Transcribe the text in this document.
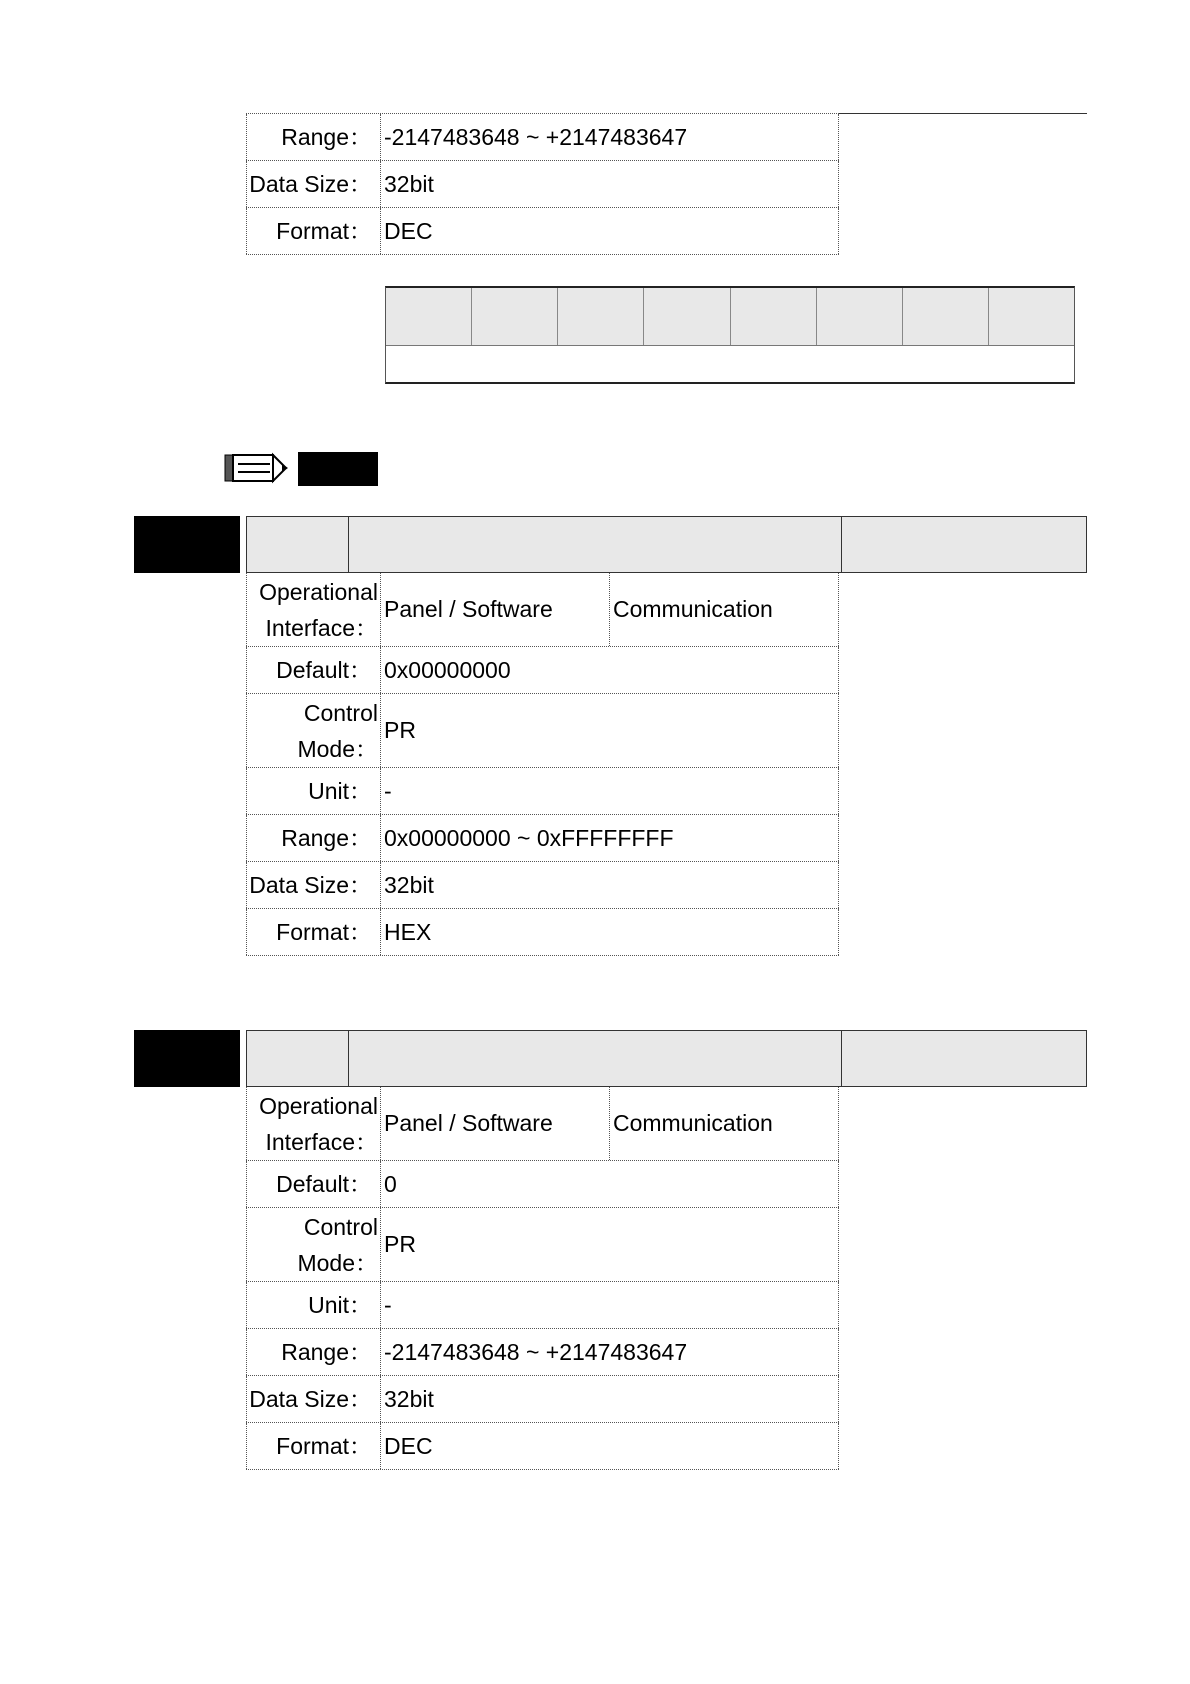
Range： -2147483648 ~ +2147483647
Data Size： 32bit
Format： DEC
Operational
Interface：
Panel / Software	Communication
Default： 0x00000000
Control
Mode：
PR
Unit： -
Range： 0x00000000 ~ 0xFFFFFFFF
Data Size： 32bit
Format： HEX
Operational
Interface：
Panel / Software	Communication
Default： 0
Control
Mode：
PR
Unit： -
Range： -2147483648 ~ +2147483647
Data Size： 32bit
Format： DEC
